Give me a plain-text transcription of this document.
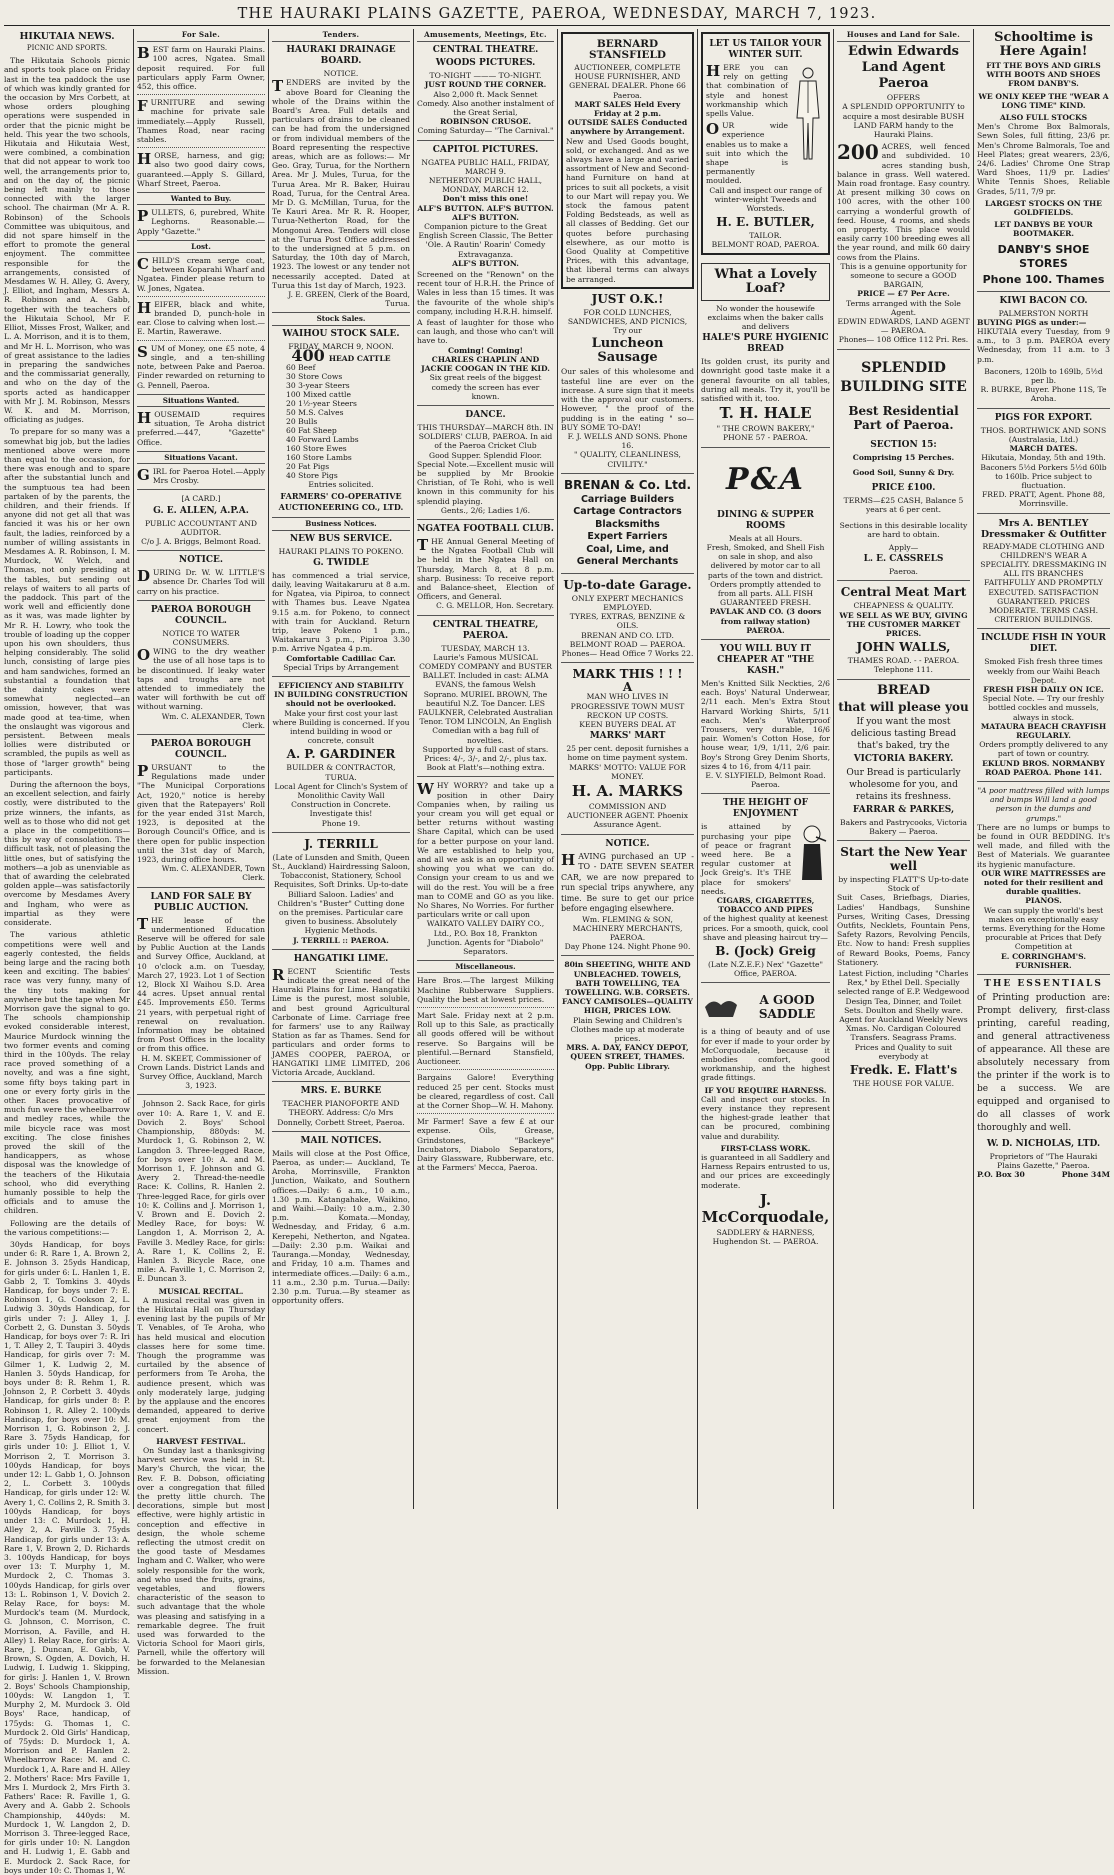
THE HAURAKI PLAINS GAZETTE, PAEROA, WEDNESDAY, MARCH 7, 1923.
HIKUTAIA NEWS.
PICNIC AND SPORTS.

The Hikutaia Schools picnic and sports took place on Friday last in the tea paddock the use of which was kindly granted for the occasion by Mrs Corbett, at whose orders ploughing operations were suspended in order that the picnic might be held. This year the two schools, Hikutaia and Hikutaia West, were combined, a combination that did not appear to work too well, the arrangements prior to, and on the day of, the picnic being left mainly to those connected with the larger school. The chairman (Mr A. R. Robinson) of the Schools Committee was ubiquitous, and did not spare himself in the effort to promote the general enjoyment. The committee responsible for the arrangements, consisted of Mesdames W. H. Alley, G. Avery, J. Elliot, and Ingham, Messrs A. R. Robinson and A. Gabb, together with the teachers of the Hikutaia School, Mr F. Elliot, Misses Frost, Walker, and L. A. Morrison, and it is to them, and Mr H. L. Morrison, who was of great assistance to the ladies in preparing the sandwiches and the commissariat generally, and who on the day of the sports acted as handicapper with Mr J. M. Robinson, Messrs W. K. and M. Morrison, officiating as judges.

To prepare for so many was a somewhat big job, but the ladies mentioned above were more than equal to the occasion, for there was enough and to spare after the substantial lunch and the sumptuous tea had been partaken of by the parents, the children, and their friends. If anyone did not get all that was fancied it was his or her own fault, the ladies, reinforced by a number of willing assistants in Mesdames A. R. Robinson, I. M. Murdock, W. Welch, and Thomas, not only presiding at the tables, but sending out relays of waiters to all parts of the paddock. This part of the work well and efficiently done as it was, was made lighter by Mr R. H. Lowry, who took the trouble of loading up the copper upon his own shoulders, thus helping considerably. The solid lunch, consisting of large pies and ham sandwiches, formed an substantial a foundation that the dainty cakes were somewhat neglected—an omission, however, that was made good at tea-time, when the onslaught was vigorous and persistent. Between meals lollies were distributed or scrambled, the pupils as well as those of "larger growth" being participants.

During the afternoon the boys, an excellent selection, and fairly costly, were distributed to the prize winners, the infants, as well as to those who did not get a place in the competitions—this by way of consolation. The difficult task, not of pleasing the little ones, but of satisfying the mothers—a job as unenviable as that of awarding the celebrated golden apple—was satisfactorily overcome by Mesdames Avery and Ingham, who were as impartial as they were considerate.

The various athletic competitions were well and eagerly contested, the fields being large and the racing both keen and exciting. The babies' race was very funny, many of the tiny tots making for anywhere but the tape when Mr Morrison gave the signal to go. The schools championship evoked considerable interest, Maurice Murdock winning the two former events and coming third in the 100yds. The relay race proved something of a novelty, and was a fine sight, some fifty boys taking part in one or every forty girls in the other. Races provocative of much fun were the wheelbarrow and medley races, while the mile bicycle race was most exciting. The close finishes proved the skill of the handicappers, as whose disposal was the knowledge of the teachers of the Hikutaia school, who did everything humanly possible to help the officials and to amuse the children.

Following are the details of the various competitions:—

30yds Handicap, for boys under 6: R. Rare 1, A. Brown 2, E. Johnson 3. 25yds Handicap, for girls under 6: L. Hanlen 1, E. Gabb 2, T. Tomkins 3. 40yds Handicap, for boys under 7: E. Robinson 1, G. Cookson 2, L. Ludwig 3. 30yds Handicap, for girls under 7: J. Alley 1, J. Corbett 2, G. Dunstan 3. 50yds Handicap, for boys over 7: R. Iri 1, T. Alley 2, T. Taupiri 3. 40yds Handicap, for girls over 7: M. Gilmer 1, K. Ludwig 2, M. Hanlen 3. 50yds Handicap, for boys under 8: R. Rehm 1, R. Johnson 2, P. Corbett 3. 40yds Handicap, for girls under 8: P. Robinson 1, R. Alley 2. 100yds Handicap, for boys over 10: M. Morrison 1, G. Robinson 2, J. Rare 3. 75yds Handicap, for girls under 10: J. Elliot 1, V. Morrison 2, T. Morrison 3. 100yds Handicap, for boys under 12: L. Gabb 1, O. Johnson 2, L. Corbett 3. 100yds Handicap, for girls under 12: W. Avery 1, C. Collins 2, R. Smith 3. 100yds Handicap, for boys under 13: C. Murdock 1, H. Alley 2, A. Faville 3. 75yds Handicap, for girls under 13: A. Rare 1, V. Brown 2, D. Richards 3. 100yds Handicap, for boys over 13: T. Murphy 1, M. Murdock 2, C. Thomas 3. 100yds Handicap, for girls over 13: L. Robinson 1, V. Dovich 2. Relay Race, for boys: M. Murdock's team (M. Murdock, G. Johnson, C. Morrison, C. Morrison, A. Faville, and H. Alley) 1. Relay Race, for girls: A. Rare, J. Duncan, E. Gabb, V. Brown, S. Ogden, A. Dovich, H. Ludwig, I. Ludwig 1. Skipping, for girls: J. Hanlen 1, V. Brown 2. Boys' Schools Championship, 100yds: W. Langdon 1, T. Murphy 2, M. Murdock 3. Old Boys' Race, handicap, of 175yds: G. Thomas 1, C. Murdock 2. Old Girls' Handicap, of 75yds: D. Murdock 1, A. Morrison and P. Hanlen 2. Wheelbarrow Race: M. and C. Murdock 1, A. Rare and H. Alley 2. Mothers' Race: Mrs Faville 1, Mrs I. Murdock 2, Mrs Firth 3. Fathers' Race: R. Faville 1, G. Avery and A. Gabb 2. Schools Championship, 440yds: M. Murdock 1, W. Langdon 2, D. Morrison 3. Three-legged Race, for girls under 10: N. Langdon and H. Ludwig 1, E. Gabb and E. Murdock 2. Sack Race, for boys under 10: C. Thomas 1, W.

For Sale.
BEST farm on Hauraki Plains. 100 acres, Ngatea. Small deposit required. For full particulars apply Farm Owner, 452, this office.
FURNITURE and sewing machine for private sale immediately.—Apply Russell, Thames Road, near racing stables.
HORSE, harness, and gig; also two good dairy cows, guaranteed.—Apply S. Gillard, Wharf Street, Paeroa.
Wanted to Buy.
PULLETS, 6, purebred, White Leghorns. Reasonable.—Apply "Gazette."
Lost.
CHILD'S cream serge coat, between Koparahi Wharf and Ngatea. Finder please return to W. Jones, Ngatea.
HEIFER, black and white, branded D, punch-hole in ear. Close to calving when lost.—E. Martin, Rawerawe.
SUM of Money, one £5 note, 4 single, and a ten-shilling note, between Pake and Paeroa. Finder rewarded on returning to G. Pennell, Paeroa.
Situations Wanted.
HOUSEMAID requires situation, Te Aroha district preferred.—447, "Gazette" Office.
Situations Vacant.
GIRL for Paeroa Hotel.—Apply Mrs Crosby.
[A CARD.]
G. E. ALLEN, A.P.A.
PUBLIC ACCOUNTANT AND AUDITOR.
C/o J. A. Briggs, Belmont Road.
NOTICE.
DURING Dr. W. W. LITTLE'S absence Dr. Charles Tod will carry on his practice.
PAEROA BOROUGH COUNCIL.
NOTICE TO WATER CONSUMERS.
OWING to the dry weather the use of all hose taps is to be discontinued. If leaky water taps and troughs are not attended to immediately the water will forthwith be cut off without warning.
Wm. C. ALEXANDER, Town Clerk.
PAEROA BOROUGH COUNCIL.
PURSUANT to the Regulations made under "The Municipal Corporations Act, 1920," notice is hereby given that the Ratepayers' Roll for the year ended 31st March, 1923, is deposited at the Borough Council's Office, and is there open for public inspection until the 31st day of March, 1923, during office hours.
Wm. C. ALEXANDER, Town Clerk.
LAND FOR SALE BY PUBLIC AUCTION.
THE lease of the undermentioned Education Reserve will be offered for sale by Public Auction at the Lands and Survey Office, Auckland, at 10 o'clock a.m. on Tuesday, March 27, 1923. Lot 1 of Section 12, Block XI Waihou S.D. Area 44 acres. Upset annual rental £45. Improvements £50. Terms 21 years, with perpetual right of renewal on revaluation. Information may be obtained from Post Offices in the locality or from this office.
H. M. SKEET, Commissioner of Crown Lands. District Lands and Survey Office, Auckland, March 3, 1923.

Johnson 2. Sack Race, for girls over 10: A. Rare 1, V. and E. Dovich 2. Boys' School Championship, 880yds: M. Murdock 1, G. Robinson 2, W. Langdon 3. Three-legged Race, for boys over 10: A. and M. Morrison 1, F. Johnson and G. Avery 2. Thread-the-needle Race: K. Collins, R. Hanlen 2. Three-legged Race, for girls over 10: K. Collins and J. Morrison 1, V. Brown and E. Dovich 2. Medley Race, for boys: W. Langdon 1, A. Morrison 2, A. Faville 3. Medley Race, for girls: A. Rare 1, K. Collins 2, E. Hanlen 3. Bicycle Race, one mile: A. Faville 1, C. Morrison 2, E. Duncan 3.

MUSICAL RECITAL.

A musical recital was given in the Hikutaia Hall on Thursday evening last by the pupils of Mr T. Venables, of Te Aroha, who has held musical and elocution classes here for some time. Though the programme was curtailed by the absence of performers from Te Aroha, the audience present, which was only moderately large, judging by the applause and the encores demanded, appeared to derive great enjoyment from the concert.

HARVEST FESTIVAL.

On Sunday last a thanksgiving harvest service was held in St. Mary's Church, the vicar, the Rev. F. B. Dobson, officiating over a congregation that filled the pretty little church. The decorations, simple but most effective, were highly artistic in conception and effective in design, the whole scheme reflecting the utmost credit on the good taste of Mesdames Ingham and C. Walker, who were solely responsible for the work, and who used the fruits, grains, vegetables, and flowers characteristic of the season to such advantage that the whole was pleasing and satisfying in a remarkable degree. The fruit used was forwarded to the Victoria School for Maori girls, Parnell, while the offertory will be forwarded to the Melanesian Mission.

Tenders.
HAURAKI DRAINAGE BOARD.
NOTICE.
TENDERS are invited by the above Board for Cleaning the whole of the Drains within the Board's Area. Full details and particulars of drains to be cleaned can be had from the undersigned or from individual members of the Board representing the respective areas, which are as follows:— Mr Geo. Gray, Turua, for the Northern Area. Mr J. Mules, Turua, for the Turua Area. Mr R. Baker, Huirau Road, Turua, for the Central Area. Mr D. G. McMillan, Turua, for the Te Kauri Area. Mr R. R. Hooper, Turua-Netherton Road, for the Mongonui Area. Tenders will close at the Turua Post Office addressed to the undersigned at 5 p.m. on Saturday, the 10th day of March, 1923. The lowest or any tender not necessarily accepted. Dated at Turua this 1st day of March, 1923.
J. E. GREEN, Clerk of the Board, Turua.
Stock Sales.
WAIHOU STOCK SALE.
FRIDAY, MARCH 9, NOON.
400 HEAD CATTLE
60 Beef
30 Store Cows
30 3-year Steers
100 Mixed cattle
20 1½-year Steers
50 M.S. Calves
20 Bulls
60 Fat Sheep
40 Forward Lambs
160 Store Ewes
160 Store Lambs
20 Fat Pigs
40 Store Pigs
Entries solicited.
FARMERS' CO-OPERATIVE AUCTIONEERING CO., LTD.
Business Notices.
NEW BUS SERVICE.
HAURAKI PLAINS TO POKENO.
G. TWIDLE
has commenced a trial service, daily, leaving Waitakaruru at 8 a.m. for Ngatea, via Pipiroa, to connect with Thames bus. Leave Ngatea 9.15 a.m. for Pokeno, to connect with train for Auckland. Return trip, leave Pokeno 1 p.m., Waitakaruru 3 p.m., Pipiroa 3.30 p.m. Arrive Ngatea 4 p.m.
Comfortable Cadillac Car.
Special Trips by Arrangement
EFFICIENCY AND STABILITY IN BUILDING CONSTRUCTION should not be overlooked.
Make your first cost your last where Building is concerned. If you intend building in wood or concrete, consult
A. P. GARDINER
BUILDER & CONTRACTOR, TURUA.
Local Agent for Clinch's System of Monolithic Cavity Wall Construction in Concrete. Investigate this!
Phone 19.
J. TERRILL
(Late of Lunsden and Smith, Queen St., Auckland) Hairdressing Saloon, Tobacconist, Stationery, School Requisites, Soft Drinks. Up-to-date Billiard Saloon. Ladies' and Children's "Buster" Cutting done on the premises. Particular care given to business. Absolutely Hygienic Methods.
J. TERRILL :: PAEROA.
HANGATIKI LIME.
RECENT Scientific Tests indicate the great need of the Hauraki Plains for Lime. Hangatiki Lime is the purest, most soluble, and best ground Agricultural Carbonate of Lime. Carriage free for farmers' use to any Railway Station as far as Thames. Send for particulars and order forms to JAMES COOPER, PAEROA, or HANGATIKI LIME LIMITED, 206 Victoria Arcade, Auckland.
MRS. E. BURKE
TEACHER PIANOFORTE AND THEORY. Address: C/o Mrs Donnelly, Corbett Street, Paeroa.
MAIL NOTICES.
Mails will close at the Post Office, Paeroa, as under:— Auckland, Te Aroha, Morrinsville, Frankton Junction, Waikato, and Southern offices.—Daily: 6 a.m., 10 a.m., 1.30 p.m. Katangahake, Waikino, and Waihi.—Daily: 10 a.m., 2.30 p.m. Komata.—Monday, Wednesday, and Friday, 6 a.m. Kerepehi, Netherton, and Ngatea.—Daily: 2.30 p.m. Waikai and Tauranga.—Monday, Wednesday, and Friday, 10 a.m. Thames and intermediate offices.—Daily: 6 a.m., 11 a.m., 2.30 p.m. Turua.—Daily: 2.30 p.m. Turua.—By steamer as opportunity offers.
Amusements, Meetings, Etc.
CENTRAL THEATRE.
WOODS PICTURES.
TO-NIGHT ——— TO-NIGHT.
JUST ROUND THE CORNER.
Also 2,000 ft. Mack Sennet Comedy. Also another instalment of the Great Serial,
ROBINSON CRUSOE.
Coming Saturday— "The Carnival."
CAPITOL PICTURES.
NGATEA PUBLIC HALL, FRIDAY, MARCH 9.
NETHERTON PUBLIC HALL, MONDAY, MARCH 12.
Don't miss this one!
ALF'S BUTTON. ALF'S BUTTON. ALF'S BUTTON.
Companion picture to the Great English Screen Classic, The Better 'Ole. A Rautin' Roarin' Comedy Extravaganza.
ALF'S BUTTON.
Screened on the "Renown" on the recent tour of H.R.H. the Prince of Wales in less than 15 times. It was the favourite of the whole ship's company, including H.R.H. himself.
A feast of laughter for those who can laugh, and those who can't will have to.
Coming! Coming!
CHARLES CHAPLIN AND JACKIE COOGAN IN THE KID.
Six great reels of the biggest comedy the screen has ever known.
DANCE.
THIS THURSDAY—MARCH 8th. IN SOLDIERS' CLUB, PAEROA. In aid of the Paeroa Cricket Club
Good Supper. Splendid Floor.
Special Note.—Excellent music will be supplied by Mr Brookie Christian, of Te Rohi, who is well known in this community for his splendid playing.
Gents., 2/6; Ladies 1/6.
NGATEA FOOTBALL CLUB.
THE Annual General Meeting of the Ngatea Football Club will be held in the Ngatea Hall on Thursday, March 8, at 8 p.m. sharp. Business: To receive report and Balance-sheet, Election of Officers, and General.
C. G. MELLOR, Hon. Secretary.
CENTRAL THEATRE, PAEROA.
TUESDAY, MARCH 13.
Laurie's Famous MUSICAL COMEDY COMPANY and BUSTER BALLET. Included in cast: ALMA EVANS, the famous Welsh Soprano. MURIEL BROWN, The beautiful N.Z. Toe Dancer. LES FAULKNER, Celebrated Australian Tenor. TOM LINCOLN, An English Comedian with a bag full of novelties.
Supported by a full cast of stars.
Prices: 4/-, 3/-, and 2/-, plus tax. Book at Flatt's—nothing extra.
WHY WORRY? and take up a position in other Dairy Companies when, by railing us your cream you will get equal or better returns without wasting Share Capital, which can be used for a better purpose on your land. We are established to help you, and all we ask is an opportunity of showing you what we can do. Consign your cream to us and we will do the rest. You will be a free man to COME and GO as you like. No Shares, No Worries. For further particulars write or call upon
WAIKATO VALLEY DAIRY CO., Ltd., P.O. Box 18, Frankton Junction. Agents for "Diabolo" Separators.
Miscellaneous.
Hare Bros.—The largest Milking Machine Rubberware Suppliers. Quality the best at lowest prices.
Mart Sale. Friday next at 2 p.m. Roll up to this Sale, as practically all goods offered will be without reserve. So Bargains will be plentiful.—Bernard Stansfield, Auctioneer.
Bargains Galore! Everything reduced 25 per cent. Stocks must be cleared, regardless of cost. Call at the Corner Shop—W. H. Mahony.
Mr Farmer! Save a few £ at our expense. Oils, Grease, Grindstones, "Backeye" Incubators, Diabolo Separators, Dairy Glassware, Rubberware, etc. at the Farmers' Mecca, Paeroa.
BERNARD STANSFIELD
AUCTIONEER, COMPLETE HOUSE FURNISHER, AND GENERAL DEALER. Phone 66 Paeroa.
MART SALES Held Every Friday at 2 p.m.
OUTSIDE SALES Conducted anywhere by Arrangement.
New and Used Goods bought, sold, or exchanged. And as we always have a large and varied assortment of New and Second-hand Furniture on hand at prices to suit all pockets, a visit to our Mart will repay you. We stock the famous patent Folding Bedsteads, as well as all classes of Bedding. Get our quotes before purchasing elsewhere, as our motto is Good Quality at Competitive Prices, with this advantage, that liberal terms can always be arranged.
JUST O.K.!
FOR COLD LUNCHES, SANDWICHES, AND PICNICS, Try our
Luncheon Sausage
Our sales of this wholesome and tasteful line are ever on the increase. A sure sign that it meets with the approval our customers. However, " the proof of the pudding is in the eating " so— BUY SOME TO-DAY!
F. J. WELLS AND SONS. Phone 16.
" QUALITY, CLEANLINESS, CIVILITY."
BRENAN & Co. Ltd.
Carriage Builders
Cartage Contractors
Blacksmiths
Expert Farriers
Coal, Lime, and
General Merchants
Up-to-date Garage.
ONLY EXPERT MECHANICS EMPLOYED.
TYRES, EXTRAS, BENZINE & OILS.
BRENAN AND CO. LTD. BELMONT ROAD — PAEROA.
Phones— Head Office 7 Works 22.
MARK THIS ! ! !
A
MAN WHO LIVES IN
PROGRESSIVE TOWN MUST
RECKON UP COSTS.
KEEN BUYERS DEAL AT
MARKS' MART
25 per cent. deposit furnishes a home on time payment system.
MARKS' MOTTO: VALUE FOR MONEY.
H. A. MARKS
COMMISSION AND AUCTIONEER AGENT. Phoenix Assurance Agent.
NOTICE.
HAVING purchased an UP - TO - DATE SEVEN SEATER CAR, we are now prepared to run special trips anywhere, any time. Be sure to get our price before engaging elsewhere.
Wm. FLEMING & SON, MACHINERY MERCHANTS, PAEROA.
Day Phone 124. Night Phone 90.
80in SHEETING, WHITE AND UNBLEACHED. TOWELS, BATH TOWELLING, TEA TOWELLING. W.B. CORSETS. FANCY CAMISOLES—QUALITY HIGH, PRICES LOW.
Plain Sewing and Children's Clothes made up at moderate prices.
MRS. A. DAY, FANCY DEPOT, QUEEN STREET, THAMES. Opp. Public Library.
LET US TAILOR YOUR WINTER SUIT.
HERE you can rely on getting that combination of style and honest workmanship which spells Value.
OUR wide experience enables us to make a suit into which the shape is permanently moulded.
Call and inspect our range of winter-weight Tweeds and Worsteds.
H. E. BUTLER,
TAILOR.
BELMONT ROAD, PAEROA.
What a Lovely Loaf?
No wonder the housewife exclaims when the baker calls and delivers
HALE'S PURE HYGIENIC BREAD
Its golden crust, its purity and downright good taste make it a general favourite on all tables, during all meals. Try it, you'll be satisfied with it, too.
T. H. HALE
" THE CROWN BAKERY," PHONE 57 - PAEROA.
P&A
DINING & SUPPER ROOMS
Meals at all Hours.
Fresh, Smoked, and Shell Fish on sale in shop, and also delivered by motor car to all parts of the town and district. Orders promptly attended to from all parts. ALL FISH GUARANTEED FRESH.
PAVLAK AND CO. (3 doors from railway station) PAEROA.
YOU WILL BUY IT CHEAPER AT "THE KASH."
Men's Knitted Silk Neckties, 2/6 each. Boys' Natural Underwear, 2/11 each. Men's Extra Stout Harvard Working Shirts, 5/11 each. Men's Waterproof Trousers, very durable, 16/6 pair. Women's Cotton Hose, for house wear, 1/9, 1/11, 2/6 pair. Boy's Strong Grey Denim Shorts, sizes 4 to 16, from 4/11 pair.
E. V. SLYFIELD, Belmont Road. Paeroa.
THE HEIGHT OF ENJOYMENT
is attained by purchasing your pipe of peace or fragrant weed here. Be a regular customer at Jock Greig's. It's THE place for smokers' needs.
CIGARS, CIGARETTES, TOBACCO AND PIPES
of the highest quality at keenest prices. For a smooth, quick, cool shave and pleasing haircut try—
B. (Jock) Greig
(Late N.Z.E.F.) Nex' "Gazette" Office, PAEROA.
A GOOD SADDLE
is a thing of beauty and of use for ever if made to your order by McCorquodale, because it embodies comfort, good workmanship, and the highest grade fittings.
IF YOU REQUIRE HARNESS.
Call and inspect our stocks. In every instance they represent the highest-grade leather that can be procured, combining value and durability.
FIRST-CLASS WORK.
is guaranteed in all Saddlery and Harness Repairs entrusted to us, and our prices are exceedingly moderate.
J. McCorquodale,
SADDLERY & HARNESS, Hughendon St. — PAEROA.
Houses and Land for Sale.
Edwin Edwards
Land Agent
Paeroa
OFFERS
A SPLENDID OPPORTUNITY to acquire a most desirable BUSH LAND FARM handy to the Hauraki Plains.
200 ACRES, well fenced and subdivided. 10 acres standing bush, balance in grass. Well watered. Main road frontage. Easy country. At present milking 30 cows on 100 acres, with the other 100 carrying a wonderful growth of feed. House, 4 rooms, and sheds on property. This place would easily carry 100 breeding ewes all the year round, and milk 60 dairy cows from the Plains.
This is a genuine opportunity for someone to secure a GOOD BARGAIN,
PRICE — £7 Per Acre.
Terms arranged with the Sole Agent.
EDWIN EDWARDS, LAND AGENT — PAEROA.
Phones— 108 Office 112 Pri. Res.
SPLENDID
BUILDING SITE
Best Residential Part of Paeroa.
SECTION 15:
Comprising 15 Perches.
Good Soil, Sunny & Dry.
PRICE £100.
TERMS—£25 CASH, Balance 5 years at 6 per cent.
Sections in this desirable locality are hard to obtain.
Apply—
L. E. CASSRELS
Paeroa.
Central Meat Mart
CHEAPNESS & QUALITY.
WE SELL AS WE BUY, GIVING THE CUSTOMER MARKET PRICES.
JOHN WALLS,
THAMES ROAD. - - PAEROA. Telephone 111.
BREAD
that will please you
If you want the most delicious tasting Bread that's baked, try the
VICTORIA BAKERY.
Our Bread is particularly wholesome for you, and retains its freshness.
FARRAR & PARKES,
Bakers and Pastrycooks, Victoria Bakery — Paeroa.
Start the New Year well
by inspecting FLATT'S Up-to-date Stock of
Suit Cases, Briefbags, Diaries, Ladies' Handbags, Sunshine Purses, Writing Cases, Dressing Outfits, Necklets, Fountain Pens, Safety Razors, Revolving Pencils, Etc. Now to hand: Fresh supplies of Reward Books, Poems, Fancy Stationery.
Latest Fiction, including "Charles Rex," by Ethel Dell. Specially selected range of E.P. Wedgewood Design Tea, Dinner, and Toilet Sets. Doulton and Shelly ware. Agent for Auckland Weekly News Xmas. No. Cardigan Coloured Transfers. Seagrass Prams.
Prices and Quality to suit everybody at
Fredk. E. Flatt's
THE HOUSE FOR VALUE.
Schooltime is Here Again!
FIT THE BOYS AND GIRLS WITH BOOTS AND SHOES FROM DANBY'S.
WE ONLY KEEP THE "WEAR A LONG TIME" KIND.
ALSO FULL STOCKS
Men's Chrome Box Balmorals, Sewn Soles, full fitting, 23/6 pr. Men's Chrome Balmorals, Toe and Heel Plates; great wearers, 23/6, 24/6. Ladies' Chrome One Strap Ward Shoes, 11/9 pr. Ladies' White Tennis Shoes, Reliable Grades, 5/11, 7/9 pr.
LARGEST STOCKS ON THE GOLDFIELDS.
LET DANBYS BE YOUR BOOTMAKER.
DANBY'S SHOE STORES
Phone 100. Thames
KIWI BACON CO.
PALMERSTON NORTH
BUYING PIGS as under:—
HIKUTAIA every Tuesday, from 9 a.m., to 3 p.m. PAEROA every Wednesday, from 11 a.m. to 3 p.m.
Baconers, 120lb to 169lb, 5½d per lb.
R. BURKE, Buyer. Phone 11S, Te Aroha.
PIGS FOR EXPORT.
THOS. BORTHWICK AND SONS (Australasia, Ltd.)
MARCH DATES.
Hikutaia, Monday, 5th and 19th. Baconers 5½d Porkers 5½d 60lb to 160lb. Price subject to fluctuation.
FRED. PRATT, Agent. Phone 88, Morrinsville.
Mrs A. BENTLEY Dressmaker & Outfitter
READY-MADE CLOTHING AND CHILDREN'S WEAR A SPECIALITY. DRESSMAKING IN ALL ITS BRANCHES FAITHFULLY AND PROMPTLY EXECUTED. SATISFACTION GUARANTEED. PRICES MODERATE. TERMS CASH. CRITERION BUILDINGS.
INCLUDE FISH IN YOUR DIET.
Smoked Fish fresh three times weekly from our Waihi Beach Depot.
FRESH FISH DAILY ON ICE.
Special Note. — Try our freshly bottled cockles and mussels, always in stock.
MATAURA BEACH CRAYFISH REGULARLY.
Orders promptly delivered to any part of town or country.
EKLUND BROS. NORMANBY ROAD PAEROA. Phone 141.
"A poor mattress filled with lumps and bumps Will land a good person in the dumps and grumps."
There are no lumps or bumps to be found in OUR BEDDING. It's well made, and filled with the Best of Materials. We guarantee its hygienic manufacture.
OUR WIRE MATTRESSES are noted for their resilient and durable qualities.
PIANOS.
We can supply the world's best makes on exceptionally easy terms. Everything for the Home procurable at Prices that Defy Competition at
E. CORRINGHAM'S. FURNISHER.
THE ESSENTIALS
of Printing production are: Prompt delivery, first-class printing, careful reading, and general attractiveness of appearance. All these are absolutely necessary from the printer if the work is to be a success. We are equipped and organised to do all classes of work thoroughly and well.
W. D. NICHOLAS, LTD.
Proprietors of "The Hauraki Plains Gazette," Paeroa.
P.O. Box 30	Phone 34M
